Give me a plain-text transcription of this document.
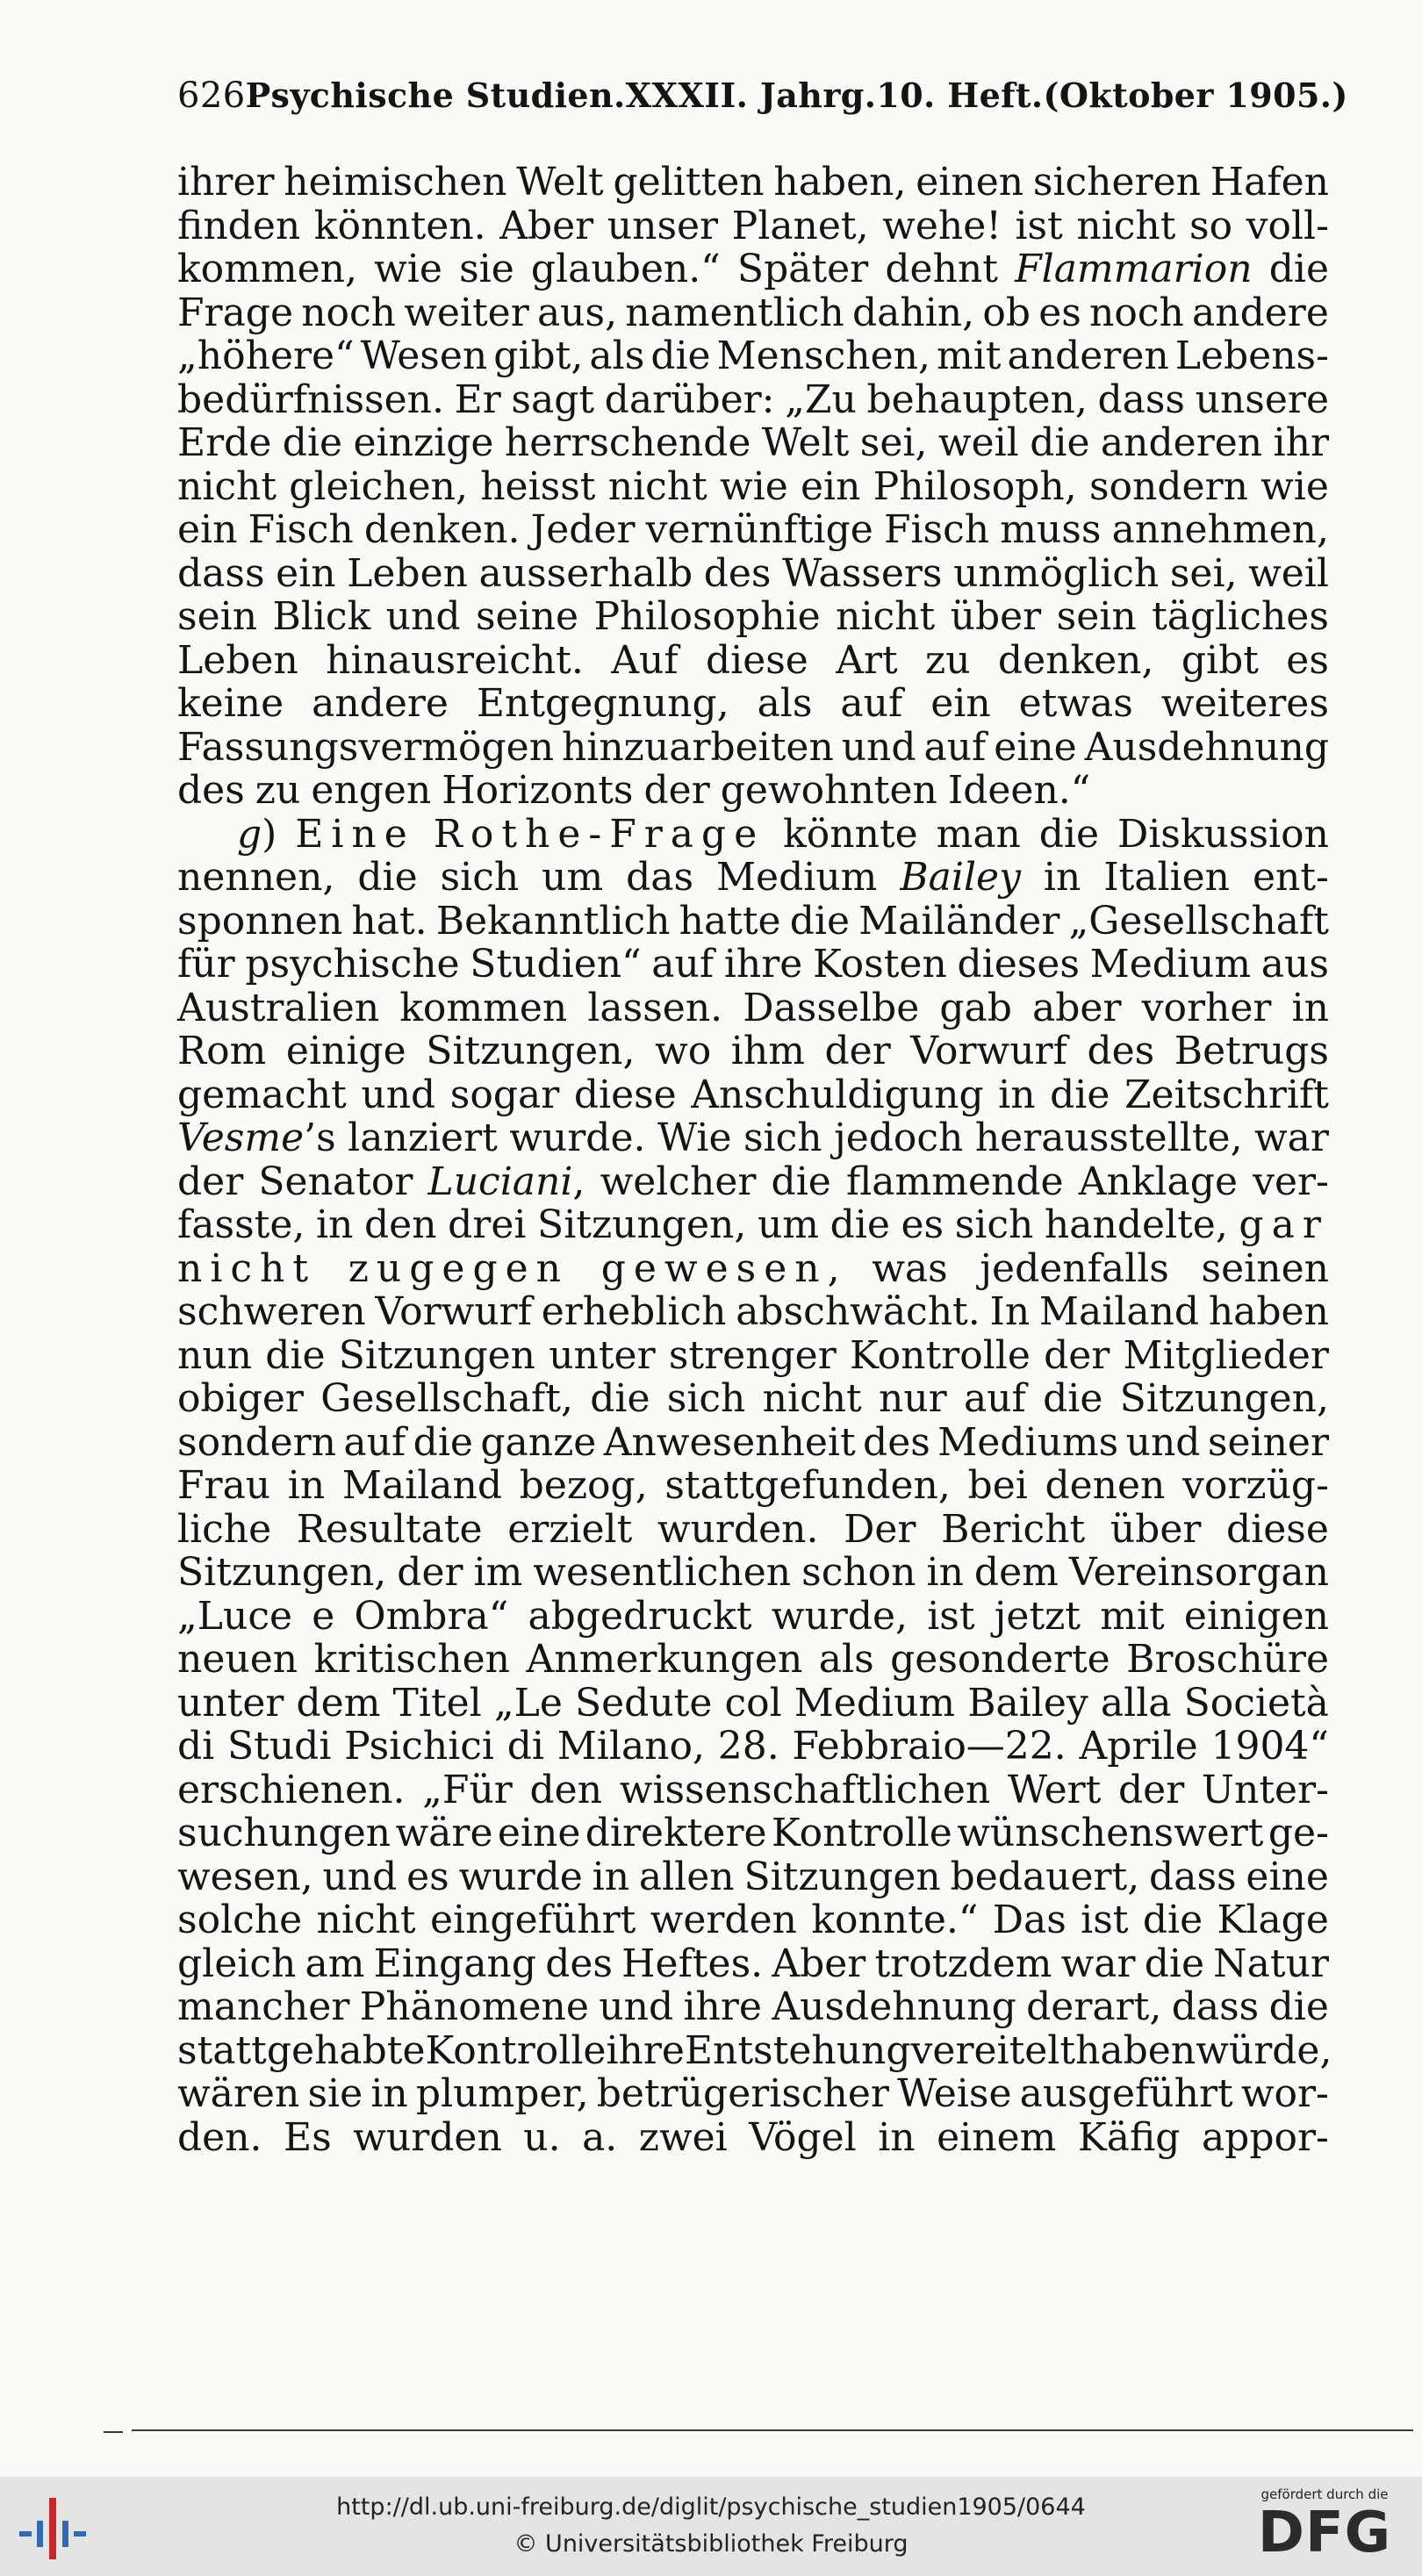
626 Psychische Studien. XXXII. Jahrg. 10. Heft. (Oktober 1905.)
ihrer heimischen Welt gelitten haben, einen sicheren Hafen
finden könnten. Aber unser Planet, wehe! ist nicht so voll-
kommen, wie sie glauben.“ Später dehnt Flammarion die
Frage noch weiter aus, namentlich dahin, ob es noch andere
„höhere“ Wesen gibt, als die Menschen, mit anderen Lebens-
bedürfnissen. Er sagt darüber: „Zu behaupten, dass unsere
Erde die einzige herrschende Welt sei, weil die anderen ihr
nicht gleichen, heisst nicht wie ein Philosoph, sondern wie
ein Fisch denken. Jeder vernünftige Fisch muss annehmen,
dass ein Leben ausserhalb des Wassers unmöglich sei, weil
sein Blick und seine Philosophie nicht über sein tägliches
Leben hinausreicht. Auf diese Art zu denken, gibt es
keine andere Entgegnung, als auf ein etwas weiteres
Fassungsvermögen hinzuarbeiten und auf eine Ausdehnung
des zu engen Horizonts der gewohnten Ideen.“
g) Eine Rothe-Frage könnte man die Diskussion
nennen, die sich um das Medium Bailey in Italien ent-
sponnen hat. Bekanntlich hatte die Mailänder „Gesellschaft
für psychische Studien“ auf ihre Kosten dieses Medium aus
Australien kommen lassen. Dasselbe gab aber vorher in
Rom einige Sitzungen, wo ihm der Vorwurf des Betrugs
gemacht und sogar diese Anschuldigung in die Zeitschrift
Vesme’s lanziert wurde. Wie sich jedoch herausstellte, war
der Senator Luciani, welcher die flammende Anklage ver-
fasste, in den drei Sitzungen, um die es sich handelte, gar
nicht zugegen gewesen, was jedenfalls seinen
schweren Vorwurf erheblich abschwächt. In Mailand haben
nun die Sitzungen unter strenger Kontrolle der Mitglieder
obiger Gesellschaft, die sich nicht nur auf die Sitzungen,
sondern auf die ganze Anwesenheit des Mediums und seiner
Frau in Mailand bezog, stattgefunden, bei denen vorzüg-
liche Resultate erzielt wurden. Der Bericht über diese
Sitzungen, der im wesentlichen schon in dem Vereinsorgan
„Luce e Ombra“ abgedruckt wurde, ist jetzt mit einigen
neuen kritischen Anmerkungen als gesonderte Broschüre
unter dem Titel „Le Sedute col Medium Bailey alla Società
di Studi Psichici di Milano, 28. Febbraio—22. Aprile 1904“
erschienen. „Für den wissenschaftlichen Wert der Unter-
suchungen wäre eine direktere Kontrolle wünschenswert ge-
wesen, und es wurde in allen Sitzungen bedauert, dass eine
solche nicht eingeführt werden konnte.“ Das ist die Klage
gleich am Eingang des Heftes. Aber trotzdem war die Natur
mancher Phänomene und ihre Ausdehnung derart, dass die
stattgehabte Kontrolle ihre Entstehung vereitelt haben würde,
wären sie in plumper, betrügerischer Weise ausgeführt wor-
den. Es wurden u. a. zwei Vögel in einem Käfig appor-
http://dl.ub.uni-freiburg.de/diglit/psychische_studien1905/0644
© Universitätsbibliothek Freiburg
gefördert durch die
DFG
